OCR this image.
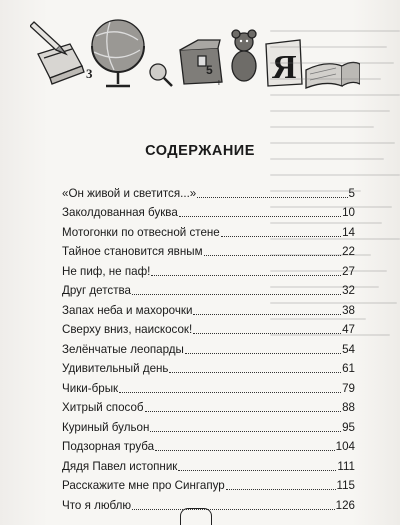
3	5
+ Я
СОДЕРЖАНИЕ
«Он живой и светится...»	5
Заколдованная буква	10
Мотогонки по отвесной стене	14
Тайное становится явным	22
Не пиф, не паф!	27
Друг детства	32
Запах неба и махорочки	38
Сверху вниз, наискосок!	47
Зелёнчатые леопарды	54
Удивительный день	61
Чики-брык	79
Хитрый способ	88
Куриный бульон	95
Подзорная труба	104
Дядя Павел истопник	111
Расскажите мне про Сингапур	115
Что я люблю	126
